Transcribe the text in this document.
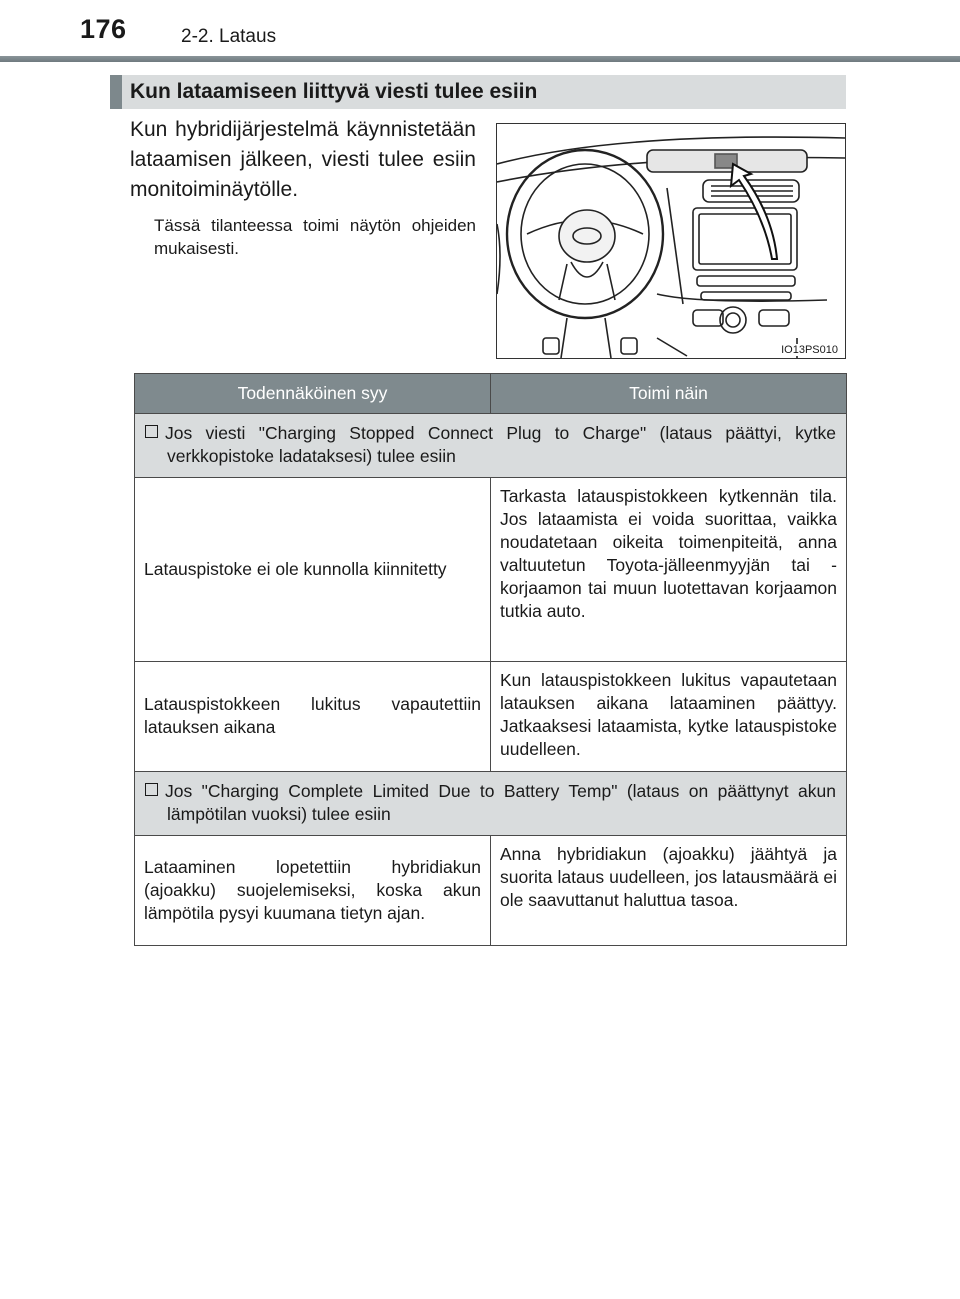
176	2-2. Lataus
Kun lataamiseen liittyvä viesti tulee esiin
Kun hybridijärjestelmä käynnistetään lataamisen jälkeen, viesti tulee esiin monitoiminäytölle.
Tässä tilanteessa toimi näytön ohjeiden mukaisesti.
IO13PS010
Todennäköinen syy	Toimi näin

Jos viesti "Charging Stopped Connect Plug to Charge" (lataus päättyi, kytke verkkopistoke ladataksesi) tulee esiin	

Latauspistoke ei ole kunnolla kiinnitetty	Tarkasta latauspistokkeen kytkennän tila. Jos lataamista ei voida suorittaa, vaikka noudatetaan oikeita toimenpiteitä, anna valtuutetun Toyota-jälleenmyyjän tai -korjaamon tai muun luotettavan korjaamon tutkia auto.
Latauspistokkeen lukitus vapautettiin latauksen aikana	Kun latauspistokkeen lukitus vapautetaan latauksen aikana lataaminen päättyy. Jatkaaksesi lataamista, kytke latauspistoke uudelleen.

Jos "Charging Complete Limited Due to Battery Temp" (lataus on päättynyt akun lämpötilan vuoksi) tulee esiin	

Lataaminen lopetettiin hybridiakun (ajoakku) suojelemiseksi, koska akun lämpötila pysyi kuumana tietyn ajan.	Anna hybridiakun (ajoakku) jäähtyä ja suorita lataus uudelleen, jos latausmäärä ei ole saavuttanut haluttua tasoa.
